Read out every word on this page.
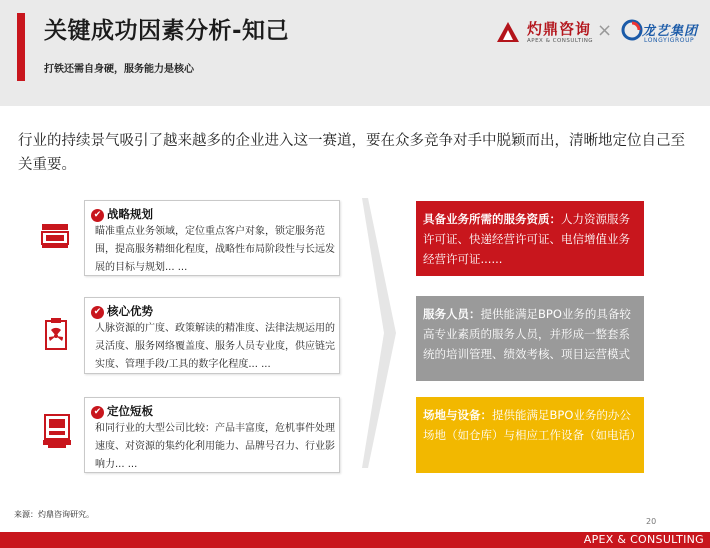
关键成功因素分析-知己
打铁还需自身硬，服务能力是核心
灼鼎咨询
APEX & CONSULTING × 龙艺集团
LONGYIGROUP
行业的持续景气吸引了越来越多的企业进入这一赛道，要在众多竞争对手中脱颖而出，清晰地定位自己至关重要。
✔ 战略规划
瞄准重点业务领域，定位重点客户对象，锁定服务范围，提高服务精细化程度，战略性布局阶段性与长远发展的目标与规划... ...
✔ 核心优势
人脉资源的广度、政策解读的精准度、法律法规运用的灵活度、服务网络覆盖度、服务人员专业度，供应链完实度、管理手段/工具的数字化程度... ...
✔ 定位短板
和同行业的大型公司比较：产品丰富度，危机事件处理速度、对资源的集约化利用能力、品牌号召力、行业影响力... ...
具备业务所需的服务资质：人力资源服务许可证、快递经营许可证、电信增值业务经营许可证......
服务人员：提供能满足BPO业务的具备较高专业素质的服务人员，并形成一整套系统的培训管理、绩效考核、项目运营模式
场地与设备：提供能满足BPO业务的办公场地（如仓库）与相应工作设备（如电话）
来源：灼鼎咨询研究。
20
APEX & CONSULTING
